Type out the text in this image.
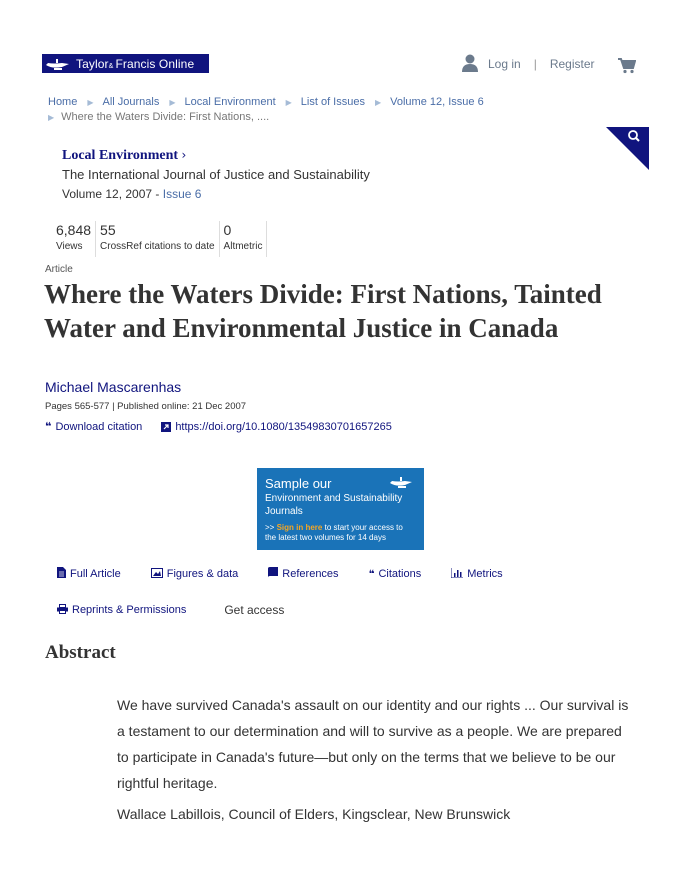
Taylor& Francis Online	Log in | Register
Home ▶ All Journals ▶ Local Environment ▶ List of Issues ▶ Volume 12, Issue 6
▶ Where the Waters Divide: First Nations, ....
Local Environment ›
The International Journal of Justice and Sustainability
Volume 12, 2007 - Issue 6
6,848
Views
55
CrossRef citations to date
0
Altmetric
Article
Where the Waters Divide: First Nations, Tainted Water and Environmental Justice in Canada
Michael Mascarenhas
Pages 565-577 | Published online: 21 Dec 2007
❝ Download citation	https://doi.org/10.1080/13549830701657265
Sample our
Environment and Sustainability Journals
>> Sign in here to start your access to the latest two volumes for 14 days
Full Article	Figures & data	References	❝ Citations	Metrics
Reprints & Permissions	Get access
Abstract

We have survived Canada's assault on our identity and our rights ... Our survival is a testament to our determination and will to survive as a people. We are prepared to participate in Canada's future—but only on the terms that we believe to be our rightful heritage.

Wallace Labillois, Council of Elders, Kingsclear, New Brunswick
